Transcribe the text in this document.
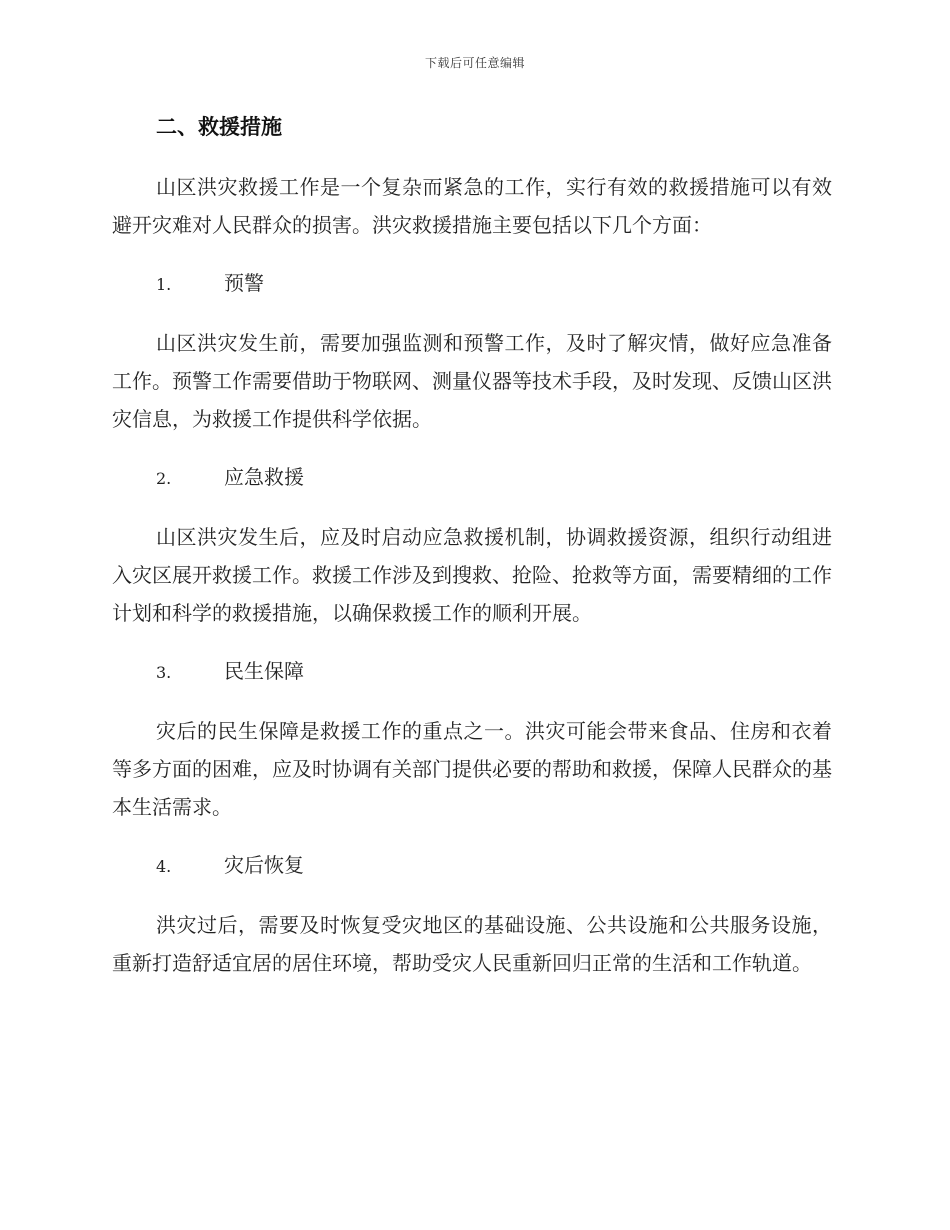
下载后可任意编辑
二、救援措施

山区洪灾救援工作是一个复杂而紧急的工作，实行有效的救援措施可以有效避开灾难对人民群众的损害。洪灾救援措施主要包括以下几个方面：

1.	预警

山区洪灾发生前，需要加强监测和预警工作，及时了解灾情，做好应急准备工作。预警工作需要借助于物联网、测量仪器等技术手段，及时发现、反馈山区洪灾信息，为救援工作提供科学依据。

2.	应急救援

山区洪灾发生后，应及时启动应急救援机制，协调救援资源，组织行动组进入灾区展开救援工作。救援工作涉及到搜救、抢险、抢救等方面，需要精细的工作计划和科学的救援措施，以确保救援工作的顺利开展。

3.	民生保障

灾后的民生保障是救援工作的重点之一。洪灾可能会带来食品、住房和衣着等多方面的困难，应及时协调有关部门提供必要的帮助和救援，保障人民群众的基本生活需求。

4.	灾后恢复

洪灾过后，需要及时恢复受灾地区的基础设施、公共设施和公共服务设施，重新打造舒适宜居的居住环境，帮助受灾人民重新回归正常的生活和工作轨道。
